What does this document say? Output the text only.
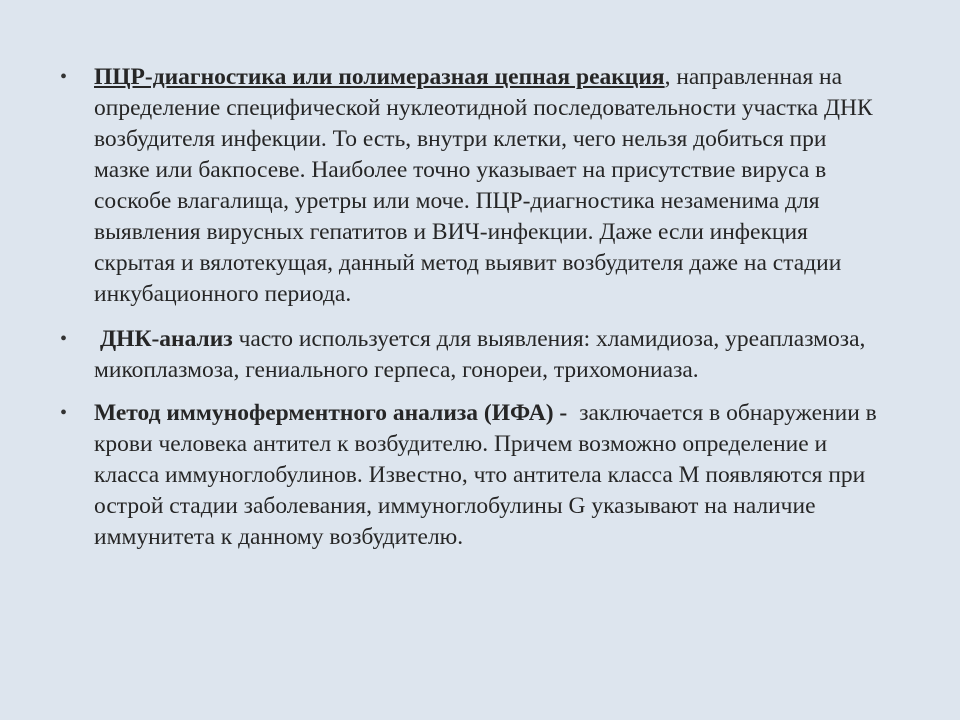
• ПЦР-диагностика или полимеразная цепная реакция, направленная на определение специфической нуклеотидной последовательности участка ДНК возбудителя инфекции. То есть, внутри клетки, чего нельзя добиться при мазке или бакпосеве. Наиболее точно указывает на присутствие вируса в соскобе влагалища, уретры или моче. ПЦР-диагностика незаменима для выявления вирусных гепатитов и ВИЧ-инфекции. Даже если инфекция скрытая и вялотекущая, данный метод выявит возбудителя даже на стадии инкубационного периода.
• ДНК-анализ часто используется для выявления: хламидиоза, уреаплазмоза, микоплазмоза, гениального герпеса, гонореи, трихомониаза.
• Метод иммуноферментного анализа (ИФА) - заключается в обнаружении в крови человека антител к возбудителю. Причем возможно определение и класса иммуноглобулинов. Известно, что антитела класса М появляются при острой стадии заболевания, иммуноглобулины G указывают на наличие иммунитета к данному возбудителю.
